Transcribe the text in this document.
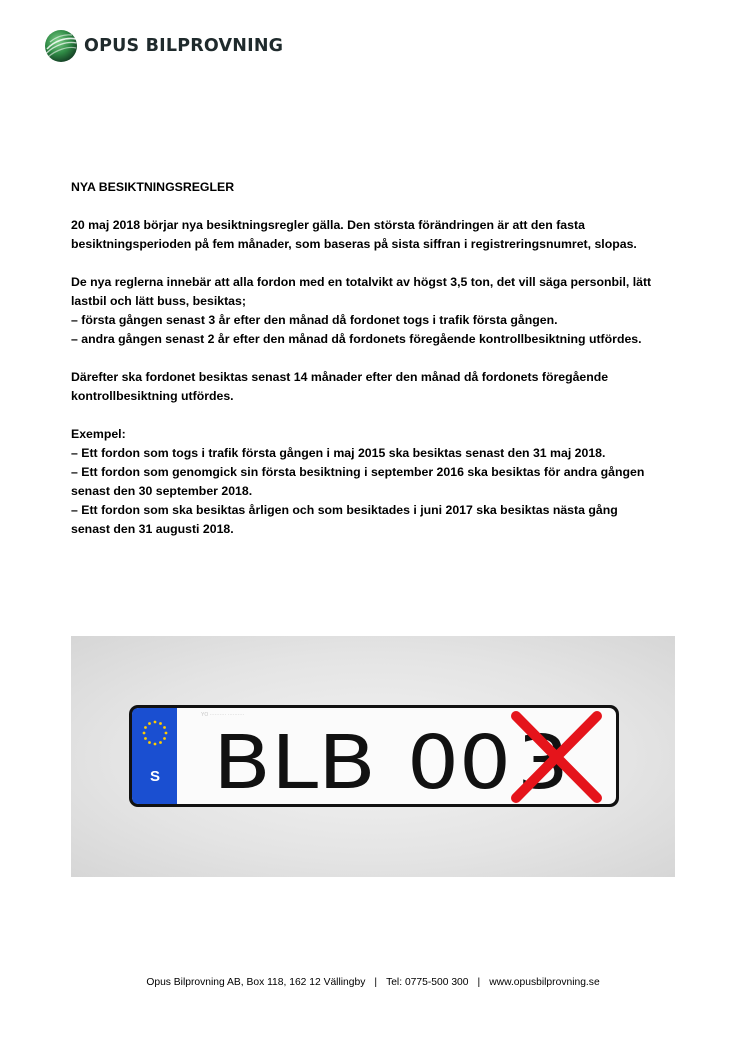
OPUS BILPROVNING

NYA BESIKTNINGSREGLER

20 maj 2018 börjar nya besiktningsregler gälla. Den största förändringen är att den fasta
besiktningsperioden på fem månader, som baseras på sista siffran i registreringsnumret, slopas.

De nya reglerna innebär att alla fordon med en totalvikt av högst 3,5 ton, det vill säga personbil, lätt
lastbil och lätt buss, besiktas;
– första gången senast 3 år efter den månad då fordonet togs i trafik första gången.
– andra gången senast 2 år efter den månad då fordonets föregående kontrollbesiktning utfördes.

Därefter ska fordonet besiktas senast 14 månader efter den månad då fordonets föregående
kontrollbesiktning utfördes.

Exempel:
– Ett fordon som togs i trafik första gången i maj 2015 ska besiktas senast den 31 maj 2018.
– Ett fordon som genomgick sin första besiktning i september 2016 ska besiktas för andra gången
senast den 30 september 2018.
– Ett fordon som ska besiktas årligen och som besiktades i juni 2017 ska besiktas nästa gång
senast den 31 augusti 2018.

S
YO ·········· ··········
BLB 00 3
Opus Bilprovning AB, Box 118, 162 12 Vällingby | Tel: 0775-500 300 | www.opusbilprovning.se
